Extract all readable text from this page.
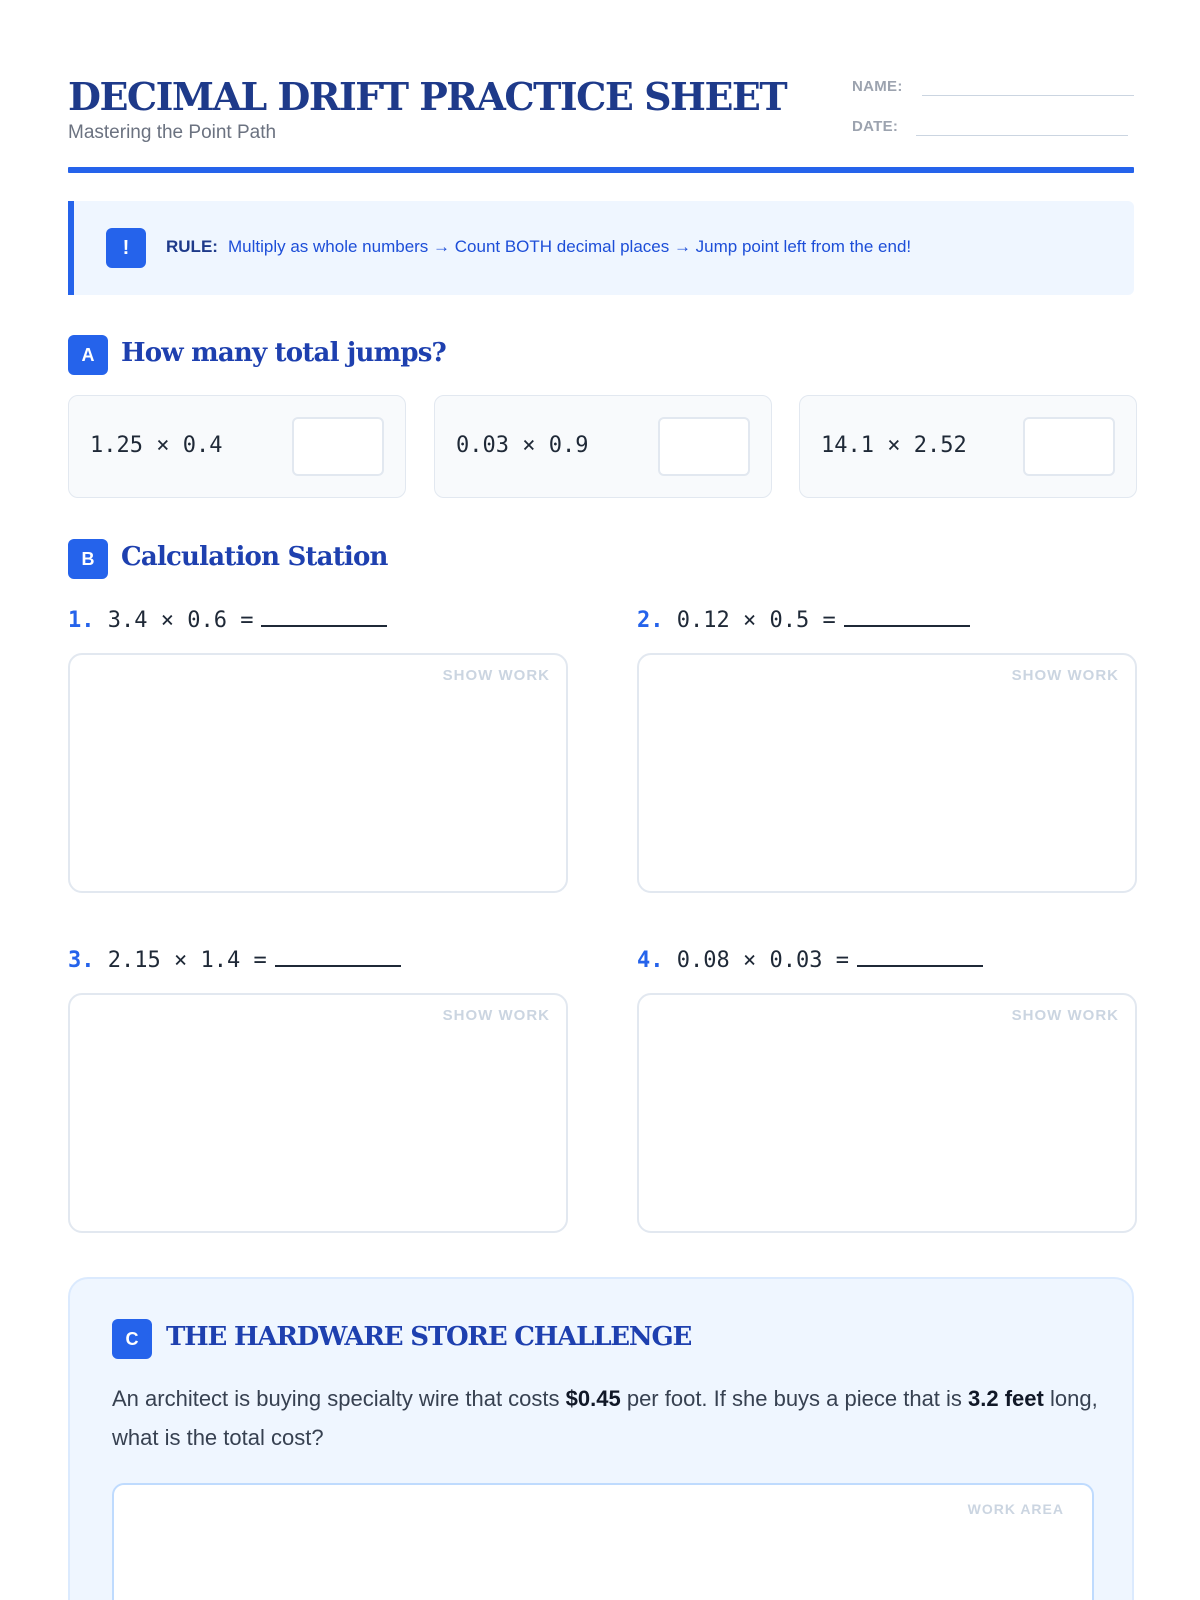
DECIMAL DRIFT PRACTICE SHEET
Mastering the Point Path
NAME:
DATE:
!	RULE: Multiply as whole numbers → Count BOTH decimal places → Jump point left from the end!
A	How many total jumps?
1.25 × 0.4	0.03 × 0.9	14.1 × 2.52
B	Calculation Station
1. 3.4 × 0.6 =
SHOW WORK
2. 0.12 × 0.5 =
SHOW WORK
3. 2.15 × 1.4 =
SHOW WORK
4. 0.08 × 0.03 =
SHOW WORK
C	THE HARDWARE STORE CHALLENGE
An architect is buying specialty wire that costs $0.45 per foot. If she buys a piece that is 3.2 feet long, what is the total cost?
WORK AREA
